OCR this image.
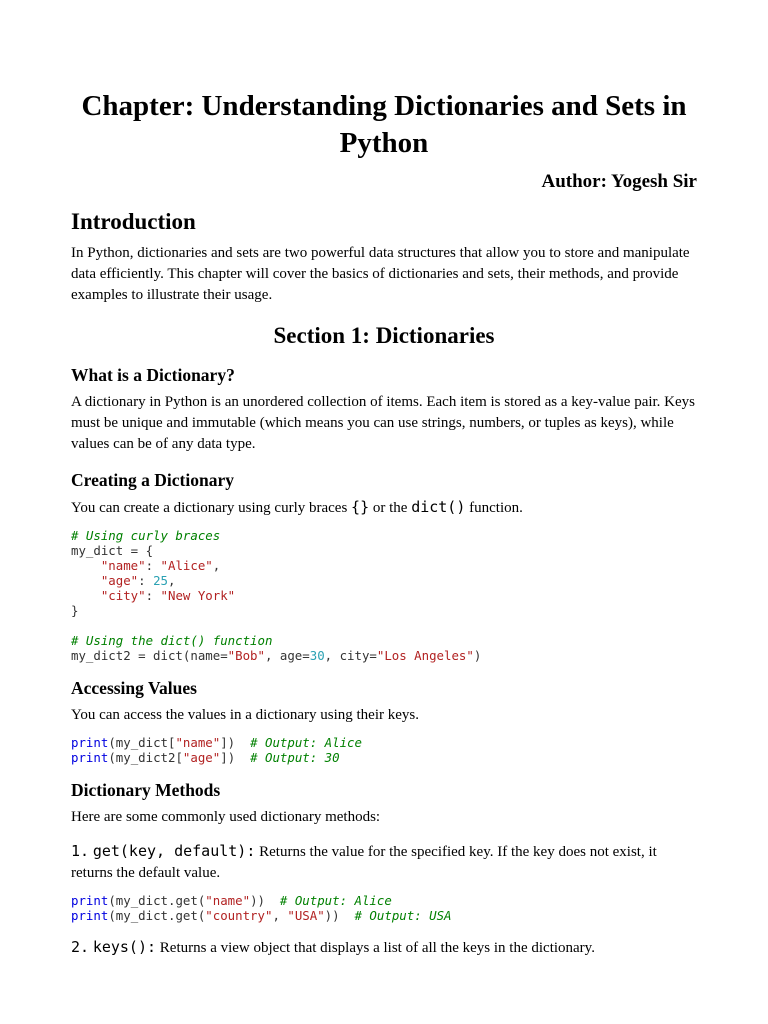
Chapter: Understanding Dictionaries and Sets in Python
Author: Yogesh Sir
Introduction

In Python, dictionaries and sets are two powerful data structures that allow you to store and manipulate data efficiently. This chapter will cover the basics of dictionaries and sets, their methods, and provide examples to illustrate their usage.

Section 1: Dictionaries
What is a Dictionary?

A dictionary in Python is an unordered collection of items. Each item is stored as a key-value pair. Keys must be unique and immutable (which means you can use strings, numbers, or tuples as keys), while values can be of any data type.

Creating a Dictionary

You can create a dictionary using curly braces {} or the dict() function.

# Using curly braces
my_dict = {
"name": "Alice",
"age": 25,
"city": "New York"
}

# Using the dict() function
my_dict2 = dict(name="Bob", age=30, city="Los Angeles")
Accessing Values

You can access the values in a dictionary using their keys.

print(my_dict["name"])  # Output: Alice
print(my_dict2["age"])  # Output: 30
Dictionary Methods

Here are some commonly used dictionary methods:

1. get(key, default): Returns the value for the specified key. If the key does not exist, it returns the default value.

print(my_dict.get("name"))  # Output: Alice
print(my_dict.get("country", "USA"))  # Output: USA

2. keys(): Returns a view object that displays a list of all the keys in the dictionary.
